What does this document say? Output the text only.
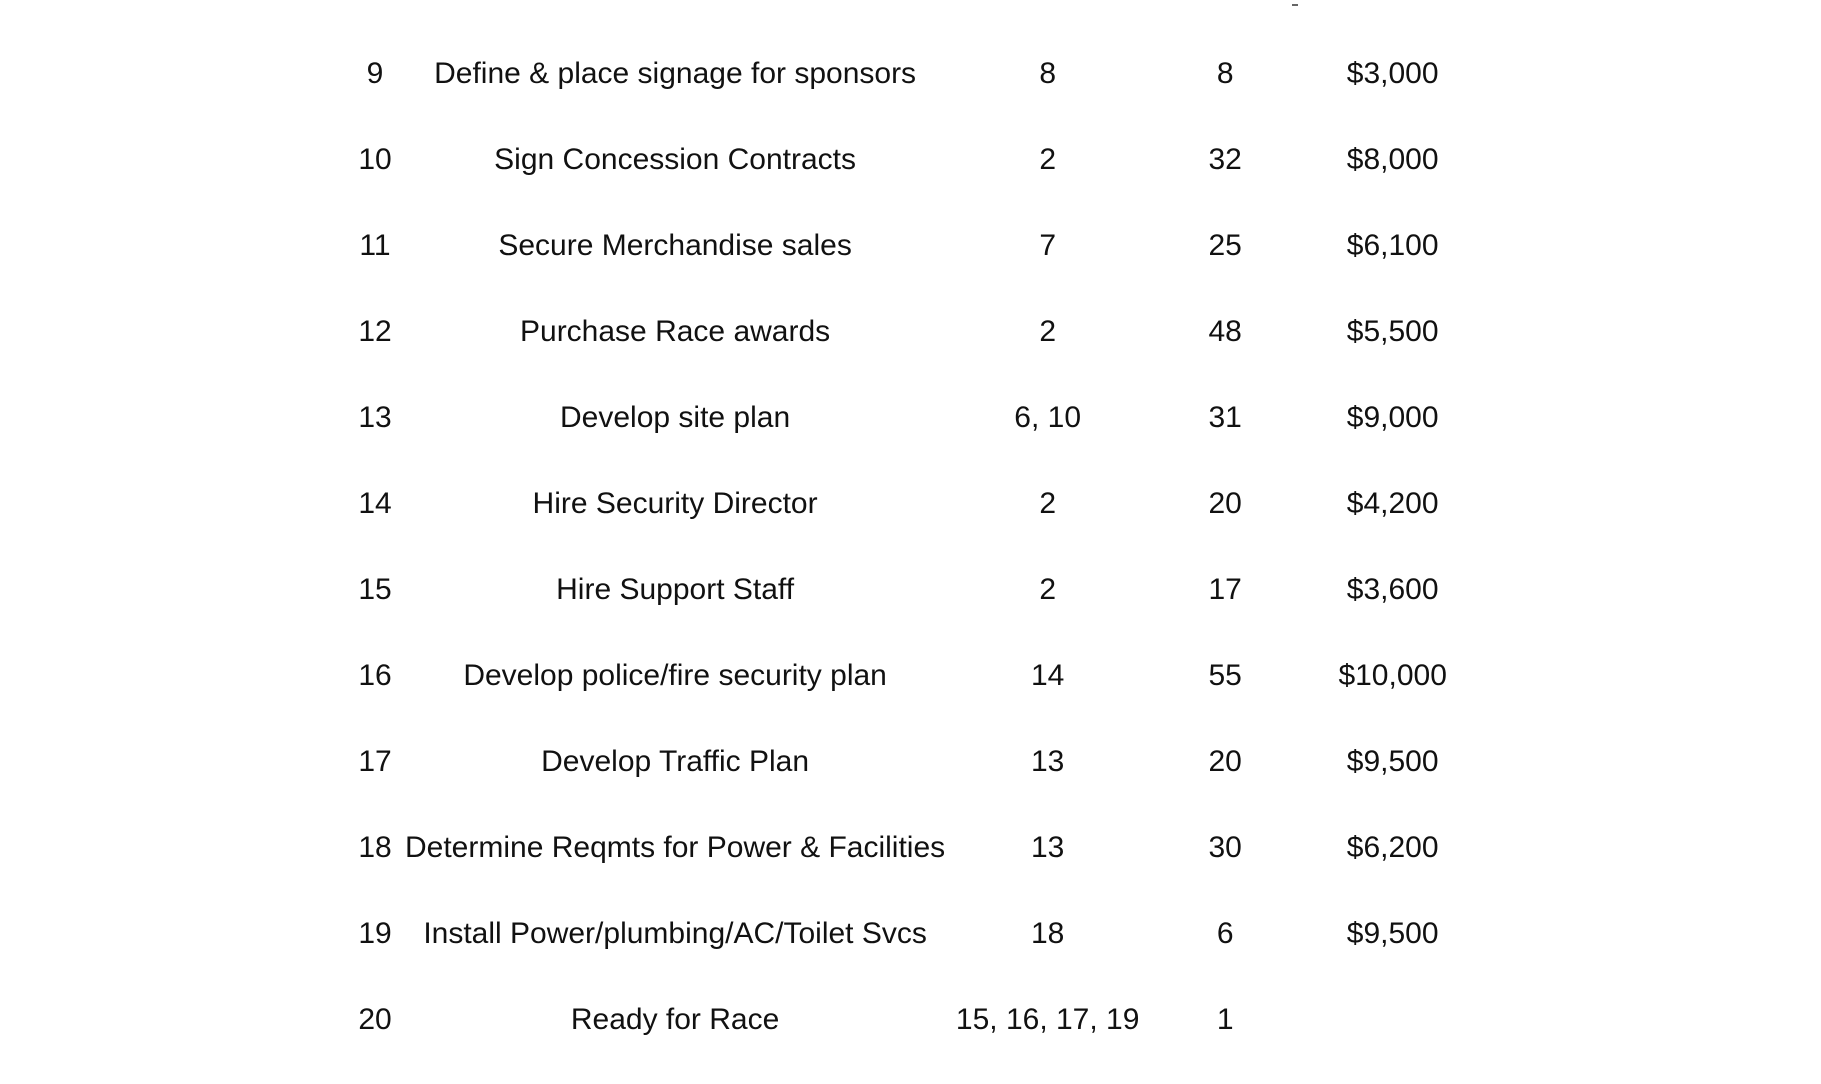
9	Define & place signage for sponsors	8	8	$3,000
10	Sign Concession Contracts	2	32	$8,000
11	Secure Merchandise sales	7	25	$6,100
12	Purchase Race awards	2	48	$5,500
13	Develop site plan	6, 10	31	$9,000
14	Hire Security Director	2	20	$4,200
15	Hire Support Staff	2	17	$3,600
16	Develop police/fire security plan	14	55	$10,000
17	Develop Traffic Plan	13	20	$9,500
18	Determine Reqmts for Power & Facilities	13	30	$6,200
19	Install Power/plumbing/AC/Toilet Svcs	18	6	$9,500
20	Ready for Race	15, 16, 17, 19	1	
